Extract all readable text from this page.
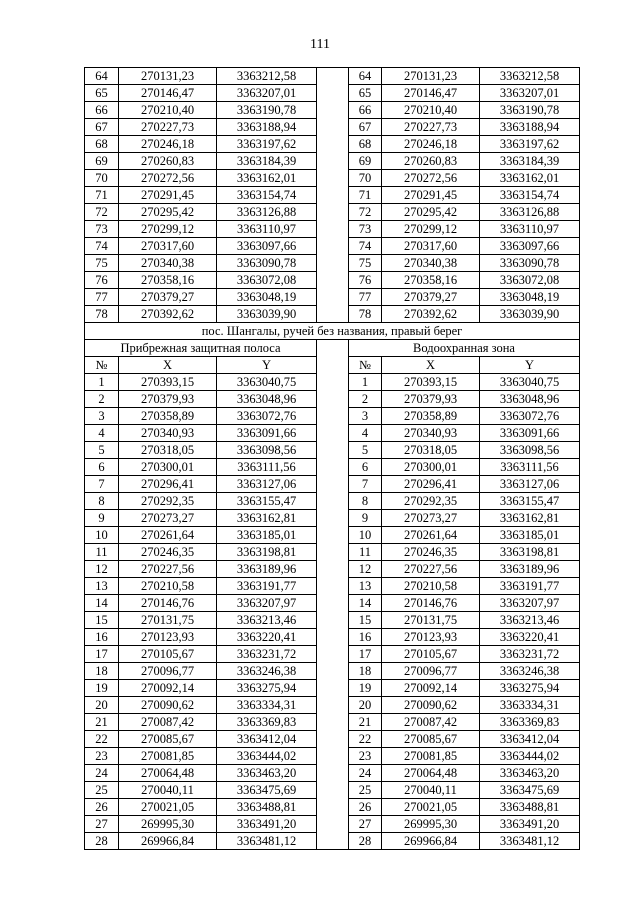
111
64	270131,23	3363212,58		64	270131,23	3363212,58
65	270146,47	3363207,01		65	270146,47	3363207,01
66	270210,40	3363190,78		66	270210,40	3363190,78
67	270227,73	3363188,94		67	270227,73	3363188,94
68	270246,18	3363197,62		68	270246,18	3363197,62
69	270260,83	3363184,39		69	270260,83	3363184,39
70	270272,56	3363162,01		70	270272,56	3363162,01
71	270291,45	3363154,74		71	270291,45	3363154,74
72	270295,42	3363126,88		72	270295,42	3363126,88
73	270299,12	3363110,97		73	270299,12	3363110,97
74	270317,60	3363097,66		74	270317,60	3363097,66
75	270340,38	3363090,78		75	270340,38	3363090,78
76	270358,16	3363072,08		76	270358,16	3363072,08
77	270379,27	3363048,19		77	270379,27	3363048,19
78	270392,62	3363039,90		78	270392,62	3363039,90
пос. Шангалы, ручей без названия, правый берег						
Прибрежная защитная полоса				Водоохранная зона		
№	X	Y		№	X	Y
1	270393,15	3363040,75		1	270393,15	3363040,75
2	270379,93	3363048,96		2	270379,93	3363048,96
3	270358,89	3363072,76		3	270358,89	3363072,76
4	270340,93	3363091,66		4	270340,93	3363091,66
5	270318,05	3363098,56		5	270318,05	3363098,56
6	270300,01	3363111,56		6	270300,01	3363111,56
7	270296,41	3363127,06		7	270296,41	3363127,06
8	270292,35	3363155,47		8	270292,35	3363155,47
9	270273,27	3363162,81		9	270273,27	3363162,81
10	270261,64	3363185,01		10	270261,64	3363185,01
11	270246,35	3363198,81		11	270246,35	3363198,81
12	270227,56	3363189,96		12	270227,56	3363189,96
13	270210,58	3363191,77		13	270210,58	3363191,77
14	270146,76	3363207,97		14	270146,76	3363207,97
15	270131,75	3363213,46		15	270131,75	3363213,46
16	270123,93	3363220,41		16	270123,93	3363220,41
17	270105,67	3363231,72		17	270105,67	3363231,72
18	270096,77	3363246,38		18	270096,77	3363246,38
19	270092,14	3363275,94		19	270092,14	3363275,94
20	270090,62	3363334,31		20	270090,62	3363334,31
21	270087,42	3363369,83		21	270087,42	3363369,83
22	270085,67	3363412,04		22	270085,67	3363412,04
23	270081,85	3363444,02		23	270081,85	3363444,02
24	270064,48	3363463,20		24	270064,48	3363463,20
25	270040,11	3363475,69		25	270040,11	3363475,69
26	270021,05	3363488,81		26	270021,05	3363488,81
27	269995,30	3363491,20		27	269995,30	3363491,20
28	269966,84	3363481,12		28	269966,84	3363481,12
